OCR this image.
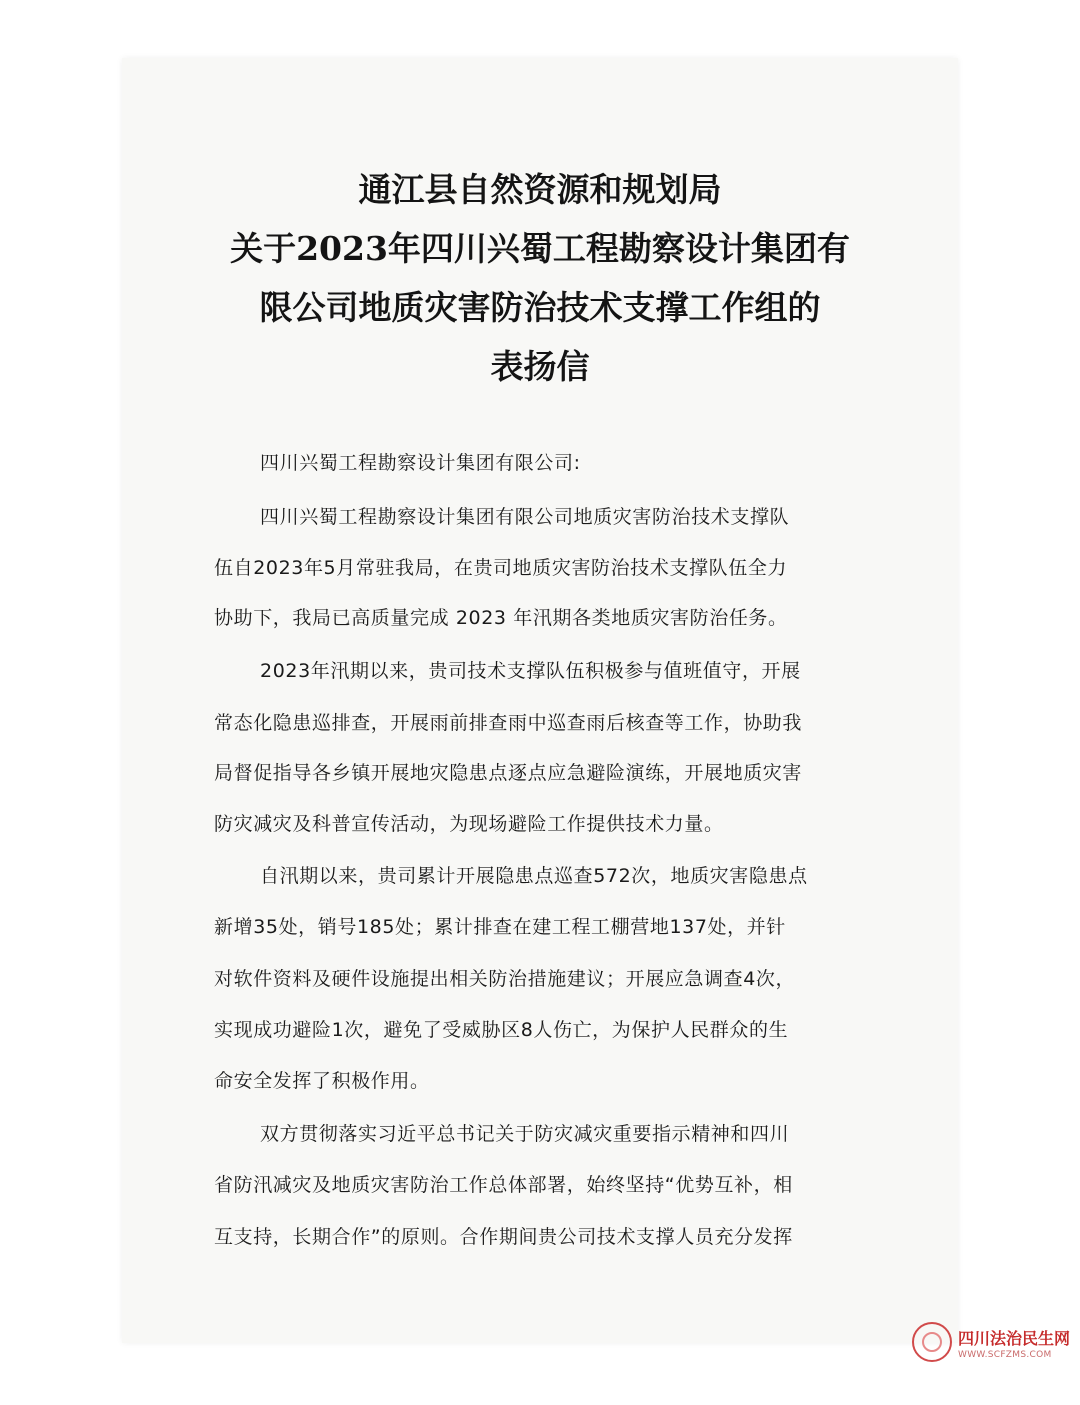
通江县自然资源和规划局
关于2023年四川兴蜀工程勘察设计集团有
限公司地质灾害防治技术支撑工作组的
表扬信
四川兴蜀工程勘察设计集团有限公司:
四川兴蜀工程勘察设计集团有限公司地质灾害防治技术支撑队
伍自2023年5月常驻我局，在贵司地质灾害防治技术支撑队伍全力
协助下，我局已高质量完成 2023 年汛期各类地质灾害防治任务。
2023年汛期以来，贵司技术支撑队伍积极参与值班值守，开展
常态化隐患巡排查，开展雨前排查雨中巡查雨后核查等工作，协助我
局督促指导各乡镇开展地灾隐患点逐点应急避险演练，开展地质灾害
防灾减灾及科普宣传活动，为现场避险工作提供技术力量。
自汛期以来，贵司累计开展隐患点巡查572次，地质灾害隐患点
新增35处，销号185处；累计排查在建工程工棚营地137处，并针
对软件资料及硬件设施提出相关防治措施建议；开展应急调查4次，
实现成功避险1次，避免了受威胁区8人伤亡，为保护人民群众的生
命安全发挥了积极作用。
双方贯彻落实习近平总书记关于防灾减灾重要指示精神和四川
省防汛减灾及地质灾害防治工作总体部署，始终坚持“优势互补，相
互支持，长期合作”的原则。合作期间贵公司技术支撑人员充分发挥
四川法治民生网
WWW.SCFZMS.COM
